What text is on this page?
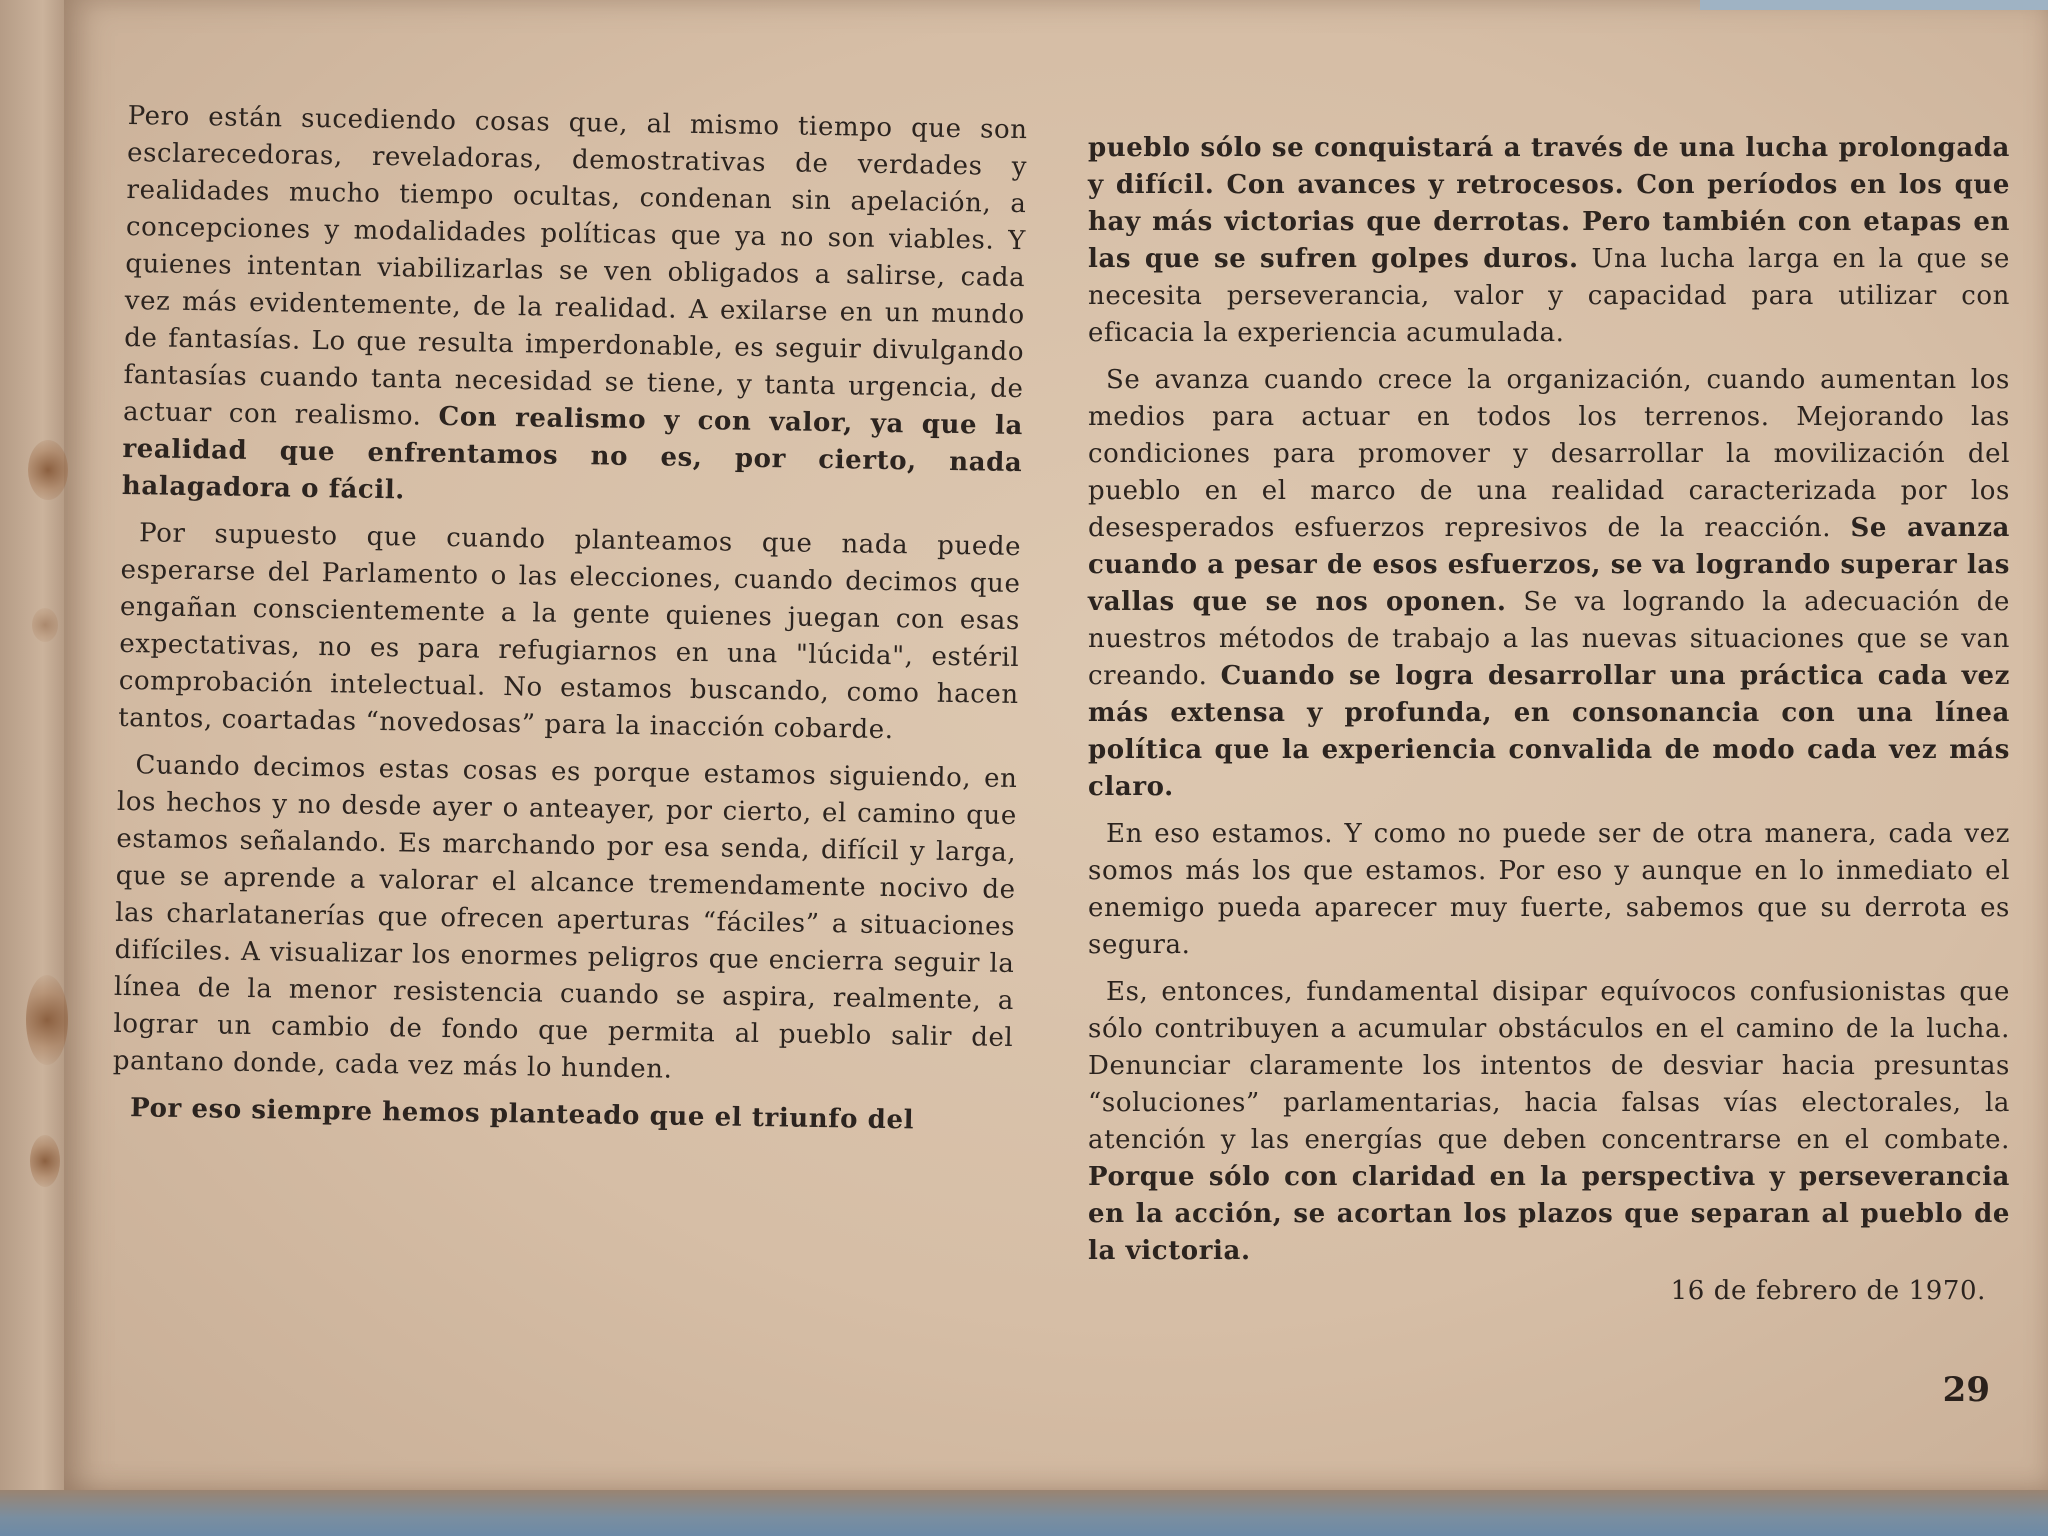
Pero están sucediendo cosas que, al mismo tiempo que son esclarecedoras, reveladoras, demostrativas de verdades y realidades mucho tiempo ocultas, condenan sin apelación, a concepciones y modalidades políticas que ya no son viables. Y quienes intentan viabilizarlas se ven obligados a salirse, cada vez más evidentemente, de la realidad. A exilarse en un mundo de fantasías. Lo que resulta imperdonable, es seguir divulgando fantasías cuando tanta necesidad se tiene, y tanta urgencia, de actuar con realismo. Con realismo y con valor, ya que la realidad que enfrentamos no es, por cierto, nada halagadora o fácil.

Por supuesto que cuando planteamos que nada puede esperarse del Parlamento o las elecciones, cuando decimos que engañan conscientemente a la gente quienes juegan con esas expectativas, no es para refugiarnos en una "lúcida", estéril comprobación intelectual. No estamos buscando, como hacen tantos, coartadas “novedosas” para la inacción cobarde.

Cuando decimos estas cosas es porque estamos siguiendo, en los hechos y no desde ayer o anteayer, por cierto, el camino que estamos señalando. Es marchando por esa senda, difícil y larga, que se aprende a valorar el alcance tremendamente nocivo de las charlatanerías que ofrecen aperturas “fáciles” a situaciones difíciles. A visualizar los enormes peligros que encierra seguir la línea de la menor resistencia cuando se aspira, realmente, a lograr un cambio de fondo que permita al pueblo salir del pantano donde, cada vez más lo hunden.

Por eso siempre hemos planteado que el triunfo del

pueblo sólo se conquistará a través de una lucha prolongada y difícil. Con avances y retrocesos. Con períodos en los que hay más victorias que derrotas. Pero también con etapas en las que se sufren golpes duros. Una lucha larga en la que se necesita perseverancia, valor y capacidad para utilizar con eficacia la experiencia acumulada.

Se avanza cuando crece la organización, cuando aumentan los medios para actuar en todos los terrenos. Mejorando las condiciones para promover y desarrollar la movilización del pueblo en el marco de una realidad caracterizada por los desesperados esfuerzos represivos de la reacción. Se avanza cuando a pesar de esos esfuerzos, se va logrando superar las vallas que se nos oponen. Se va logrando la adecuación de nuestros métodos de trabajo a las nuevas situaciones que se van creando. Cuando se logra desarrollar una práctica cada vez más extensa y profunda, en consonancia con una línea política que la experiencia convalida de modo cada vez más claro.

En eso estamos. Y como no puede ser de otra manera, cada vez somos más los que estamos. Por eso y aunque en lo inmediato el enemigo pueda aparecer muy fuerte, sabemos que su derrota es segura.

Es, entonces, fundamental disipar equívocos confusionistas que sólo contribuyen a acumular obstáculos en el camino de la lucha. Denunciar claramente los intentos de desviar hacia presuntas “soluciones” parlamentarias, hacia falsas vías electorales, la atención y las energías que deben concentrarse en el combate. Porque sólo con claridad en la perspectiva y perseverancia en la acción, se acortan los plazos que separan al pueblo de la victoria.

16 de febrero de 1970.
29
